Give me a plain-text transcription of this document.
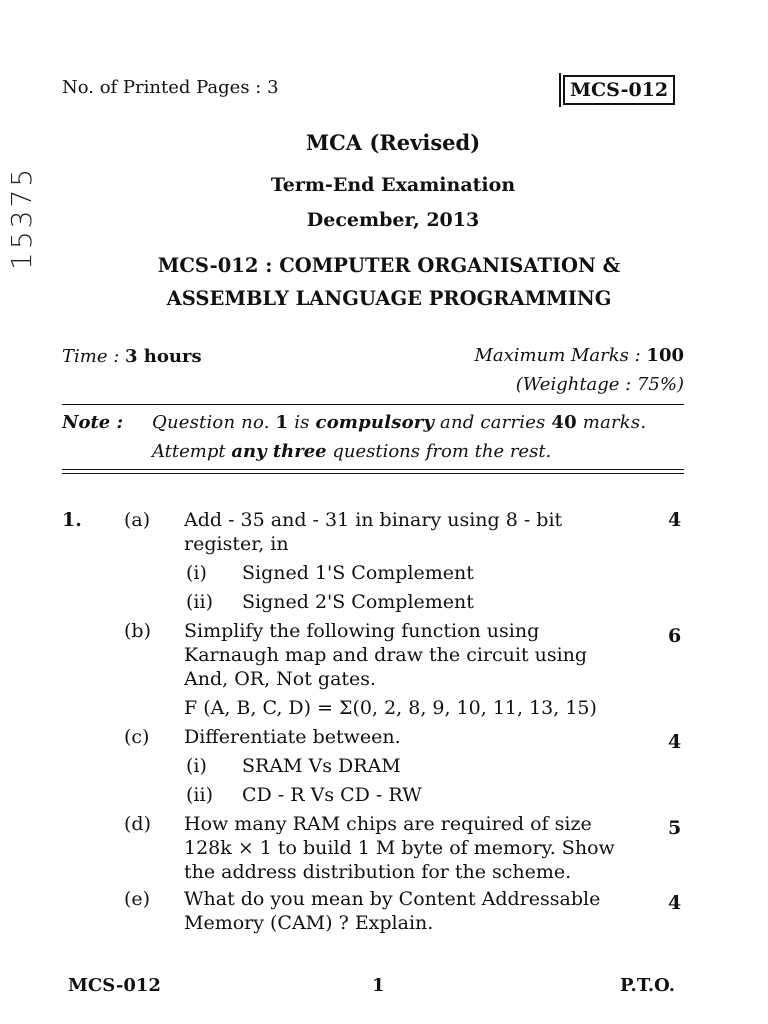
No. of Printed Pages : 3	MCS-012
15375
MCA (Revised)
Term-End Examination
December, 2013
MCS-012 : COMPUTER ORGANISATION &
ASSEMBLY LANGUAGE PROGRAMMING
Time : 3 hours	Maximum Marks : 100
(Weightage : 75%)
Note : Question no. 1 is compulsory and carries 40 marks.
Attempt any three questions from the rest.
1. (a) Add - 35 and - 31 in binary using 8 - bit
register, in
4
(i) Signed 1'S Complement
(ii) Signed 2'S Complement
(b) Simplify the following function using
Karnaugh map and draw the circuit using
And, OR, Not gates.
F (A, B, C, D) = Σ(0, 2, 8, 9, 10, 11, 13, 15)
6
(c) Differentiate between.	4
(i) SRAM Vs DRAM
(ii) CD - R Vs CD - RW
(d) How many RAM chips are required of size
128k × 1 to build 1 M byte of memory. Show
the address distribution for the scheme.
5
(e) What do you mean by Content Addressable
Memory (CAM) ? Explain.
4
MCS-012	1	P.T.O.
